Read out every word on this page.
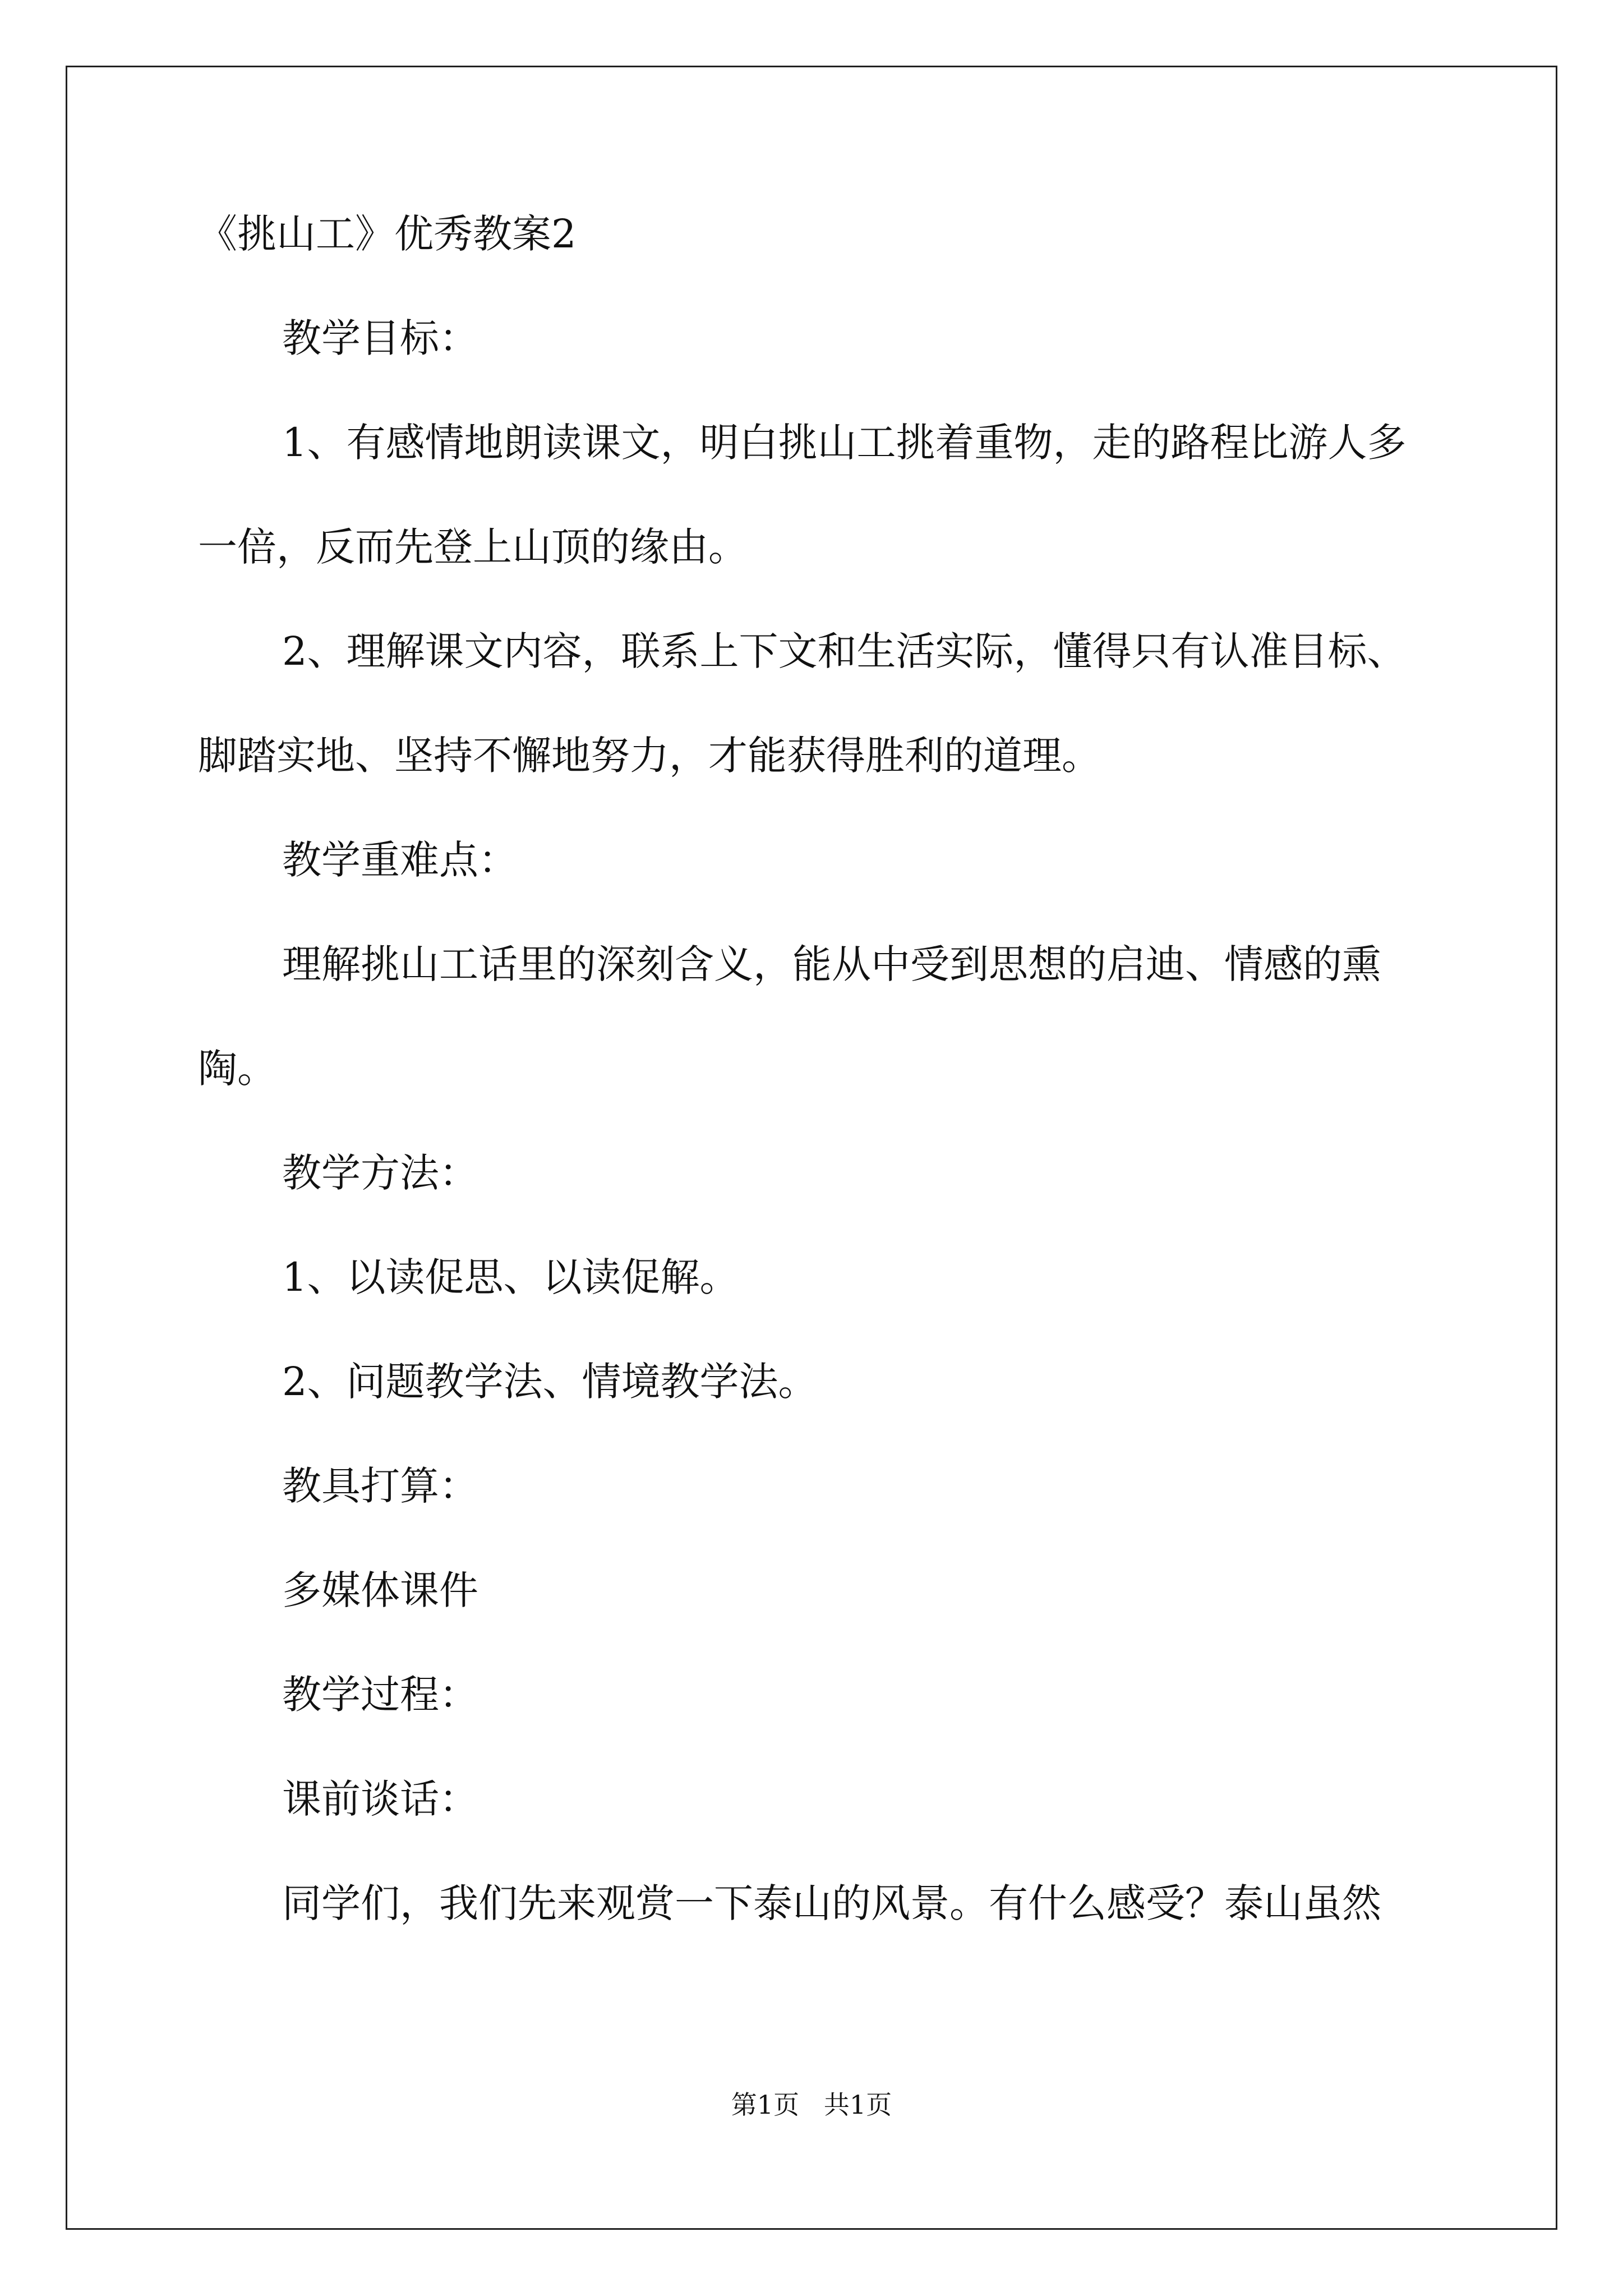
《挑山工》优秀教案2
教学目标：
1、有感情地朗读课文，明白挑山工挑着重物，走的路程比游人多
一倍，反而先登上山顶的缘由。
2、理解课文内容，联系上下文和生活实际，懂得只有认准目标、
脚踏实地、坚持不懈地努力，才能获得胜利的道理。
教学重难点：
理解挑山工话里的深刻含义，能从中受到思想的启迪、情感的熏
陶。
教学方法：
1、以读促思、以读促解。
2、问题教学法、情境教学法。
教具打算：
多媒体课件
教学过程：
课前谈话：
同学们，我们先来观赏一下泰山的风景。有什么感受？泰山虽然
第1页   共1页
